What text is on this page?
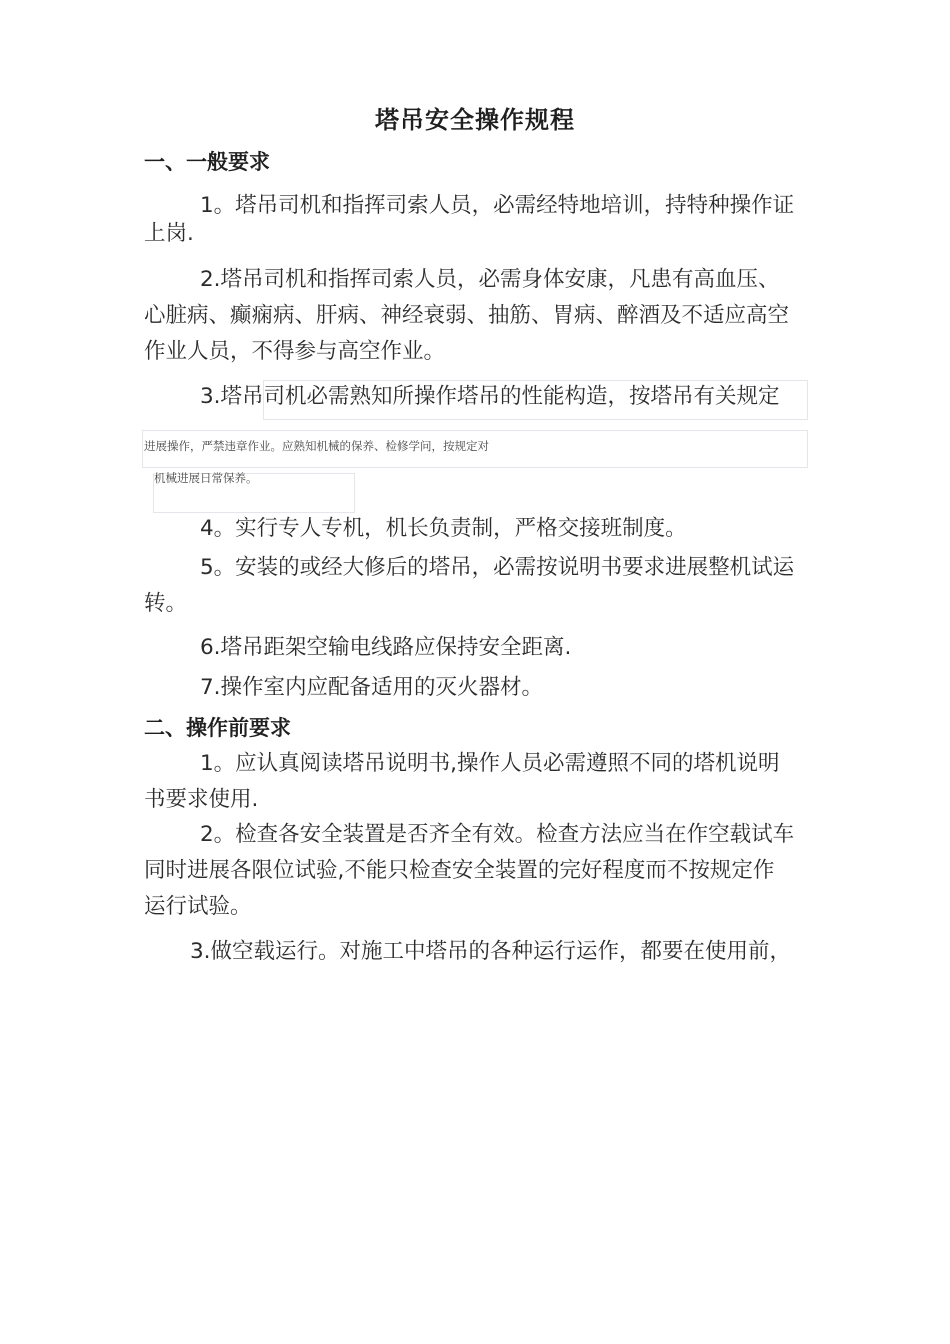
塔吊安全操作规程
一、一般要求
1。塔吊司机和指挥司索人员，必需经特地培训，持特种操作证
上岗.
2.塔吊司机和指挥司索人员，必需身体安康，凡患有高血压、
心脏病、癫痫病、肝病、神经衰弱、抽筋、胃病、醉酒及不适应高空
作业人员，不得参与高空作业。
3.塔吊司机必需熟知所操作塔吊的性能构造，按塔吊有关规定
进展操作，严禁违章作业。应熟知机械的保养、检修学问，按规定对
机械进展日常保养。
4。实行专人专机，机长负责制，严格交接班制度。
5。安装的或经大修后的塔吊，必需按说明书要求进展整机试运
转。
6.塔吊距架空输电线路应保持安全距离.
7.操作室内应配备适用的灭火器材。
二、操作前要求
1。应认真阅读塔吊说明书,操作人员必需遵照不同的塔机说明
书要求使用.
2。检查各安全装置是否齐全有效。检查方法应当在作空载试车
同时进展各限位试验,不能只检查安全装置的完好程度而不按规定作
运行试验。
3.做空载运行。对施工中塔吊的各种运行运作，都要在使用前，
